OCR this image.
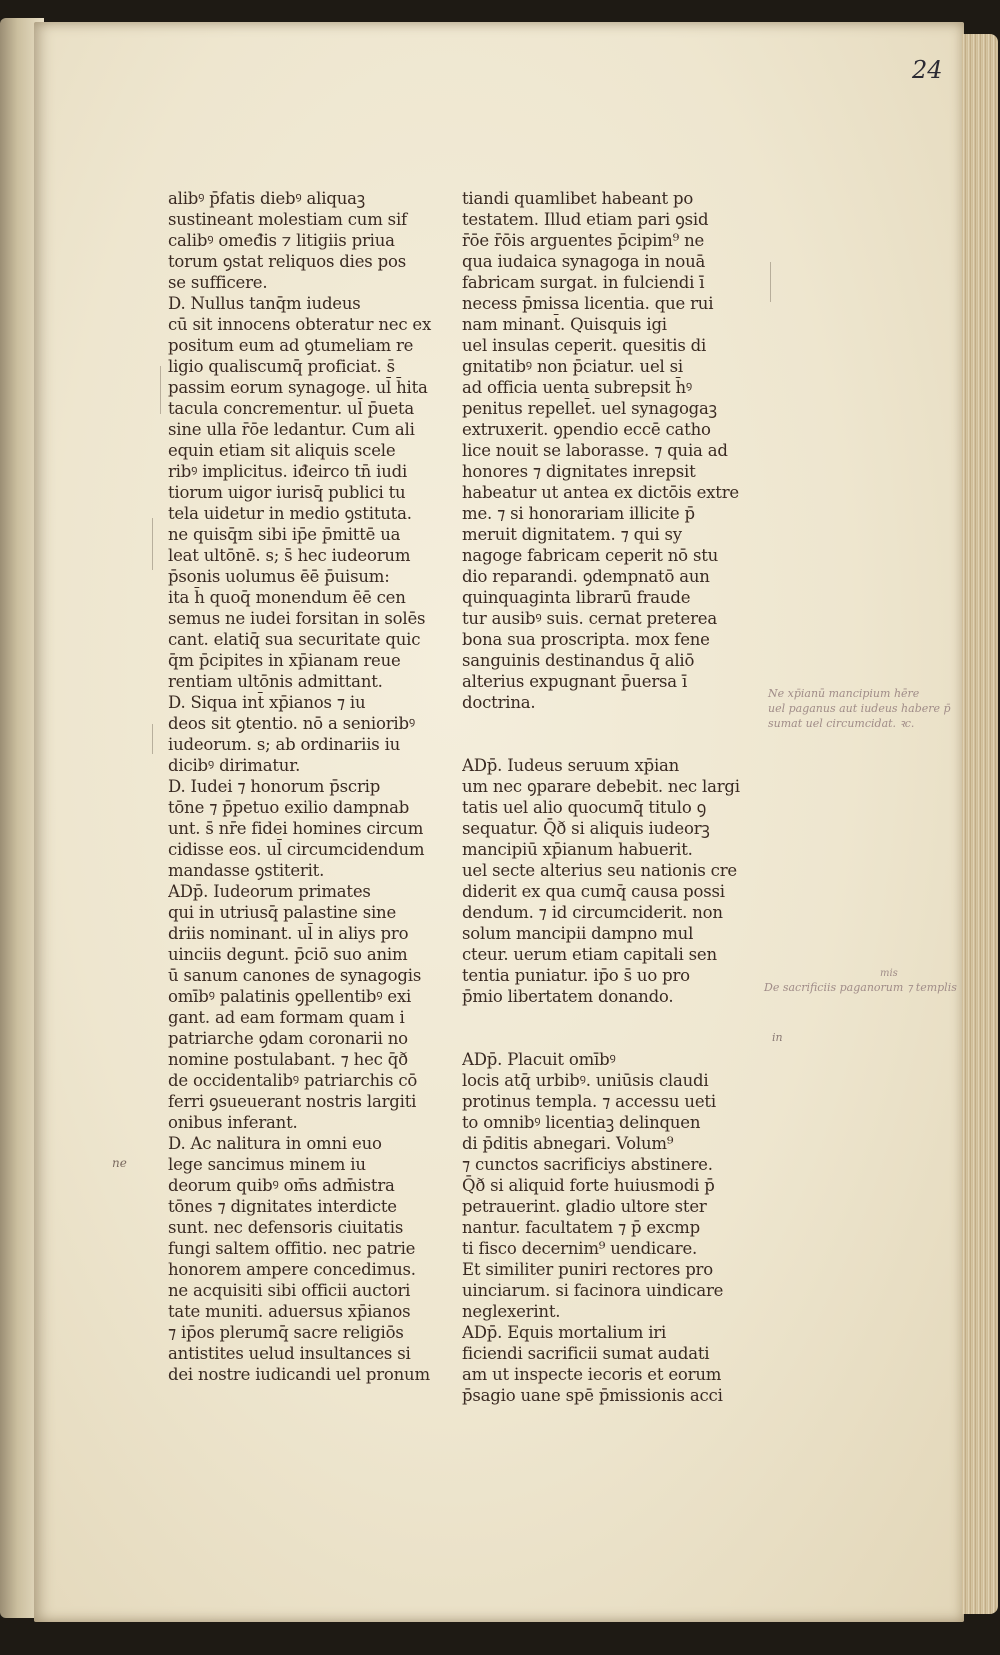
24
alibꝰ p̄fatis diebꝰ aliquaꝫ
sustineant molestiam cum sif
calibꝰ omeđis ⁊ litigiis priua
torum ꝯstat reliquos dies pos
se sufficere.
D. Nullus tanq̄m iudeus
cū sit innocens obteratur nec ex
positum eum ad ꝯtumeliam re
ligio qualiscumq̄ proficiat. s̄
passim eorum synagoge. ul̄ h̄ita
tacula concrementur. ul̄ p̄ueta
sine ulla r̄ōe ledantur. Cum ali
equin etiam sit aliquis scele
ribꝰ implicitus. iđeirco tn̄ iudi
tiorum uigor iurisq̄ publici tu
tela uidetur in medio ꝯstituta.
ne quisq̄m sibi ip̄e p̄mittē ua
leat ultōnē. s; s̄ hec iudeorum
p̄sonis uolumus ēē p̄uisum:
ita h̄ quoq̄ monendum ēē cen
semus ne iudei forsitan in solēs
cant. elatiq̄ sua securitate quic
q̄m p̄cipites in xp̄ianam reue
rentiam ultōnis admittant.
D. Siqua int̄ xp̄ianos ⁊ iu
deos sit ꝯtentio. nō a senioribꝰ
iudeorum. s; ab ordinariis iu
dicibꝰ dirimatur.
D. Iudei ⁊ honorum p̄scrip
tōne ⁊ p̄petuo exilio dampnab
unt. s̄ nr̄e fidei homines circum
cidisse eos. ul̄ circumcidendum
mandasse ꝯstiterit.
ADp̄. Iudeorum primates
qui in utriusq̄ palastine sine
driis nominant. ul̄ in aliys pro
uinciis degunt. p̄ciō suo anim
ū sanum canones de synagogis
omībꝰ palatinis ꝯpellentibꝰ exi
gant. ad eam formam quam i
patriarche ꝯdam coronarii no
nomine postulabant. ⁊ hec q̄ð
de occidentalibꝰ patriarchis cō
ferri ꝯsueuerant nostris largiti
onibus inferant.
D. Ac nalitura in omni euo
lege sancimus minem iu
deorum quibꝰ om̄s adm̄istra
tōnes ⁊ dignitates interdicte
sunt. nec defensoris ciuitatis
fungi saltem offitio. nec patrie
honorem ampere concedimus.
ne acquisiti sibi officii auctori
tate muniti. aduersus xp̄ianos
⁊ ip̄os plerumq̄ sacre religiōs
antistites uelud insultances si
dei nostre iudicandi uel pronum
tiandi quamlibet habeant po
testatem. Illud etiam pari ꝯsid
r̄ōe r̄ōis arguentes p̄cipim⁹ ne
qua iudaica synagoga in nouā
fabricam surgat. in fulciendi ī
necess p̄missa licentia. que rui
nam minant̄. Quisquis igi
uel insulas ceperit. quesitis di
gnitatibꝰ non p̄ciatur. uel si
ad officia uenta subrepsit h̄ꝰ
penitus repellet̄. uel synagogaꝫ
extruxerit. ꝯpendio eccē catho
lice nouit se laborasse. ⁊ quia ad
honores ⁊ dignitates inrepsit
habeatur ut antea ex dictōis extre
me. ⁊ si honorariam illicite p̄
meruit dignitatem. ⁊ qui sy
nagoge fabricam ceperit nō stu
dio reparandi. ꝯdempnatō aun
quinquaginta librarū fraude
tur ausibꝰ suis. cernat preterea
bona sua proscripta. mox fene
sanguinis destinandus q̄ aliō
alterius expugnant p̄uersa ī
doctrina.
ADp̄. Iudeus seruum xp̄ian
um nec ꝯparare debebit. nec largi
tatis uel alio quocumq̄ titulo ꝯ
sequatur. Q̄ð si aliquis iudeorꝫ
mancipiū xp̄ianum habuerit.
uel secte alterius seu nationis cre
diderit ex qua cumq̄ causa possi
dendum. ⁊ id circumciderit. non
solum mancipii dampno mul
cteur. uerum etiam capitali sen
tentia puniatur. ip̄o s̄ uo pro
p̄mio libertatem donando.
ADp̄. Placuit omībꝰ
locis atq̄ urbibꝰ. uniūsis claudi
protinus templa. ⁊ accessu ueti
to omnibꝰ licentiaꝫ delinquen
di p̄ditis abnegari. Volum⁹
⁊ cunctos sacrificiys abstinere.
Q̄ð si aliquid forte huiusmodi p̄
petrauerint. gladio ultore ster
nantur. facultatem ⁊ p̄ excmp
ti fisco decernim⁹ uendicare.
Et similiter puniri rectores pro
uinciarum. si facinora uindicare
neglexerint.
ADp̄. Equis mortalium iri
ficiendi sacrificii sumat audati
am ut inspecte iecoris et eorum
p̄sagio uane spē p̄missionis acci
Ne xp̄ianū mancipium hēre
uel paganus aut iudeus habere p̄
sumat uel circumcidat. ꝛc.
mis
De sacrificiis paganorum ⁊ templis
in
ne
